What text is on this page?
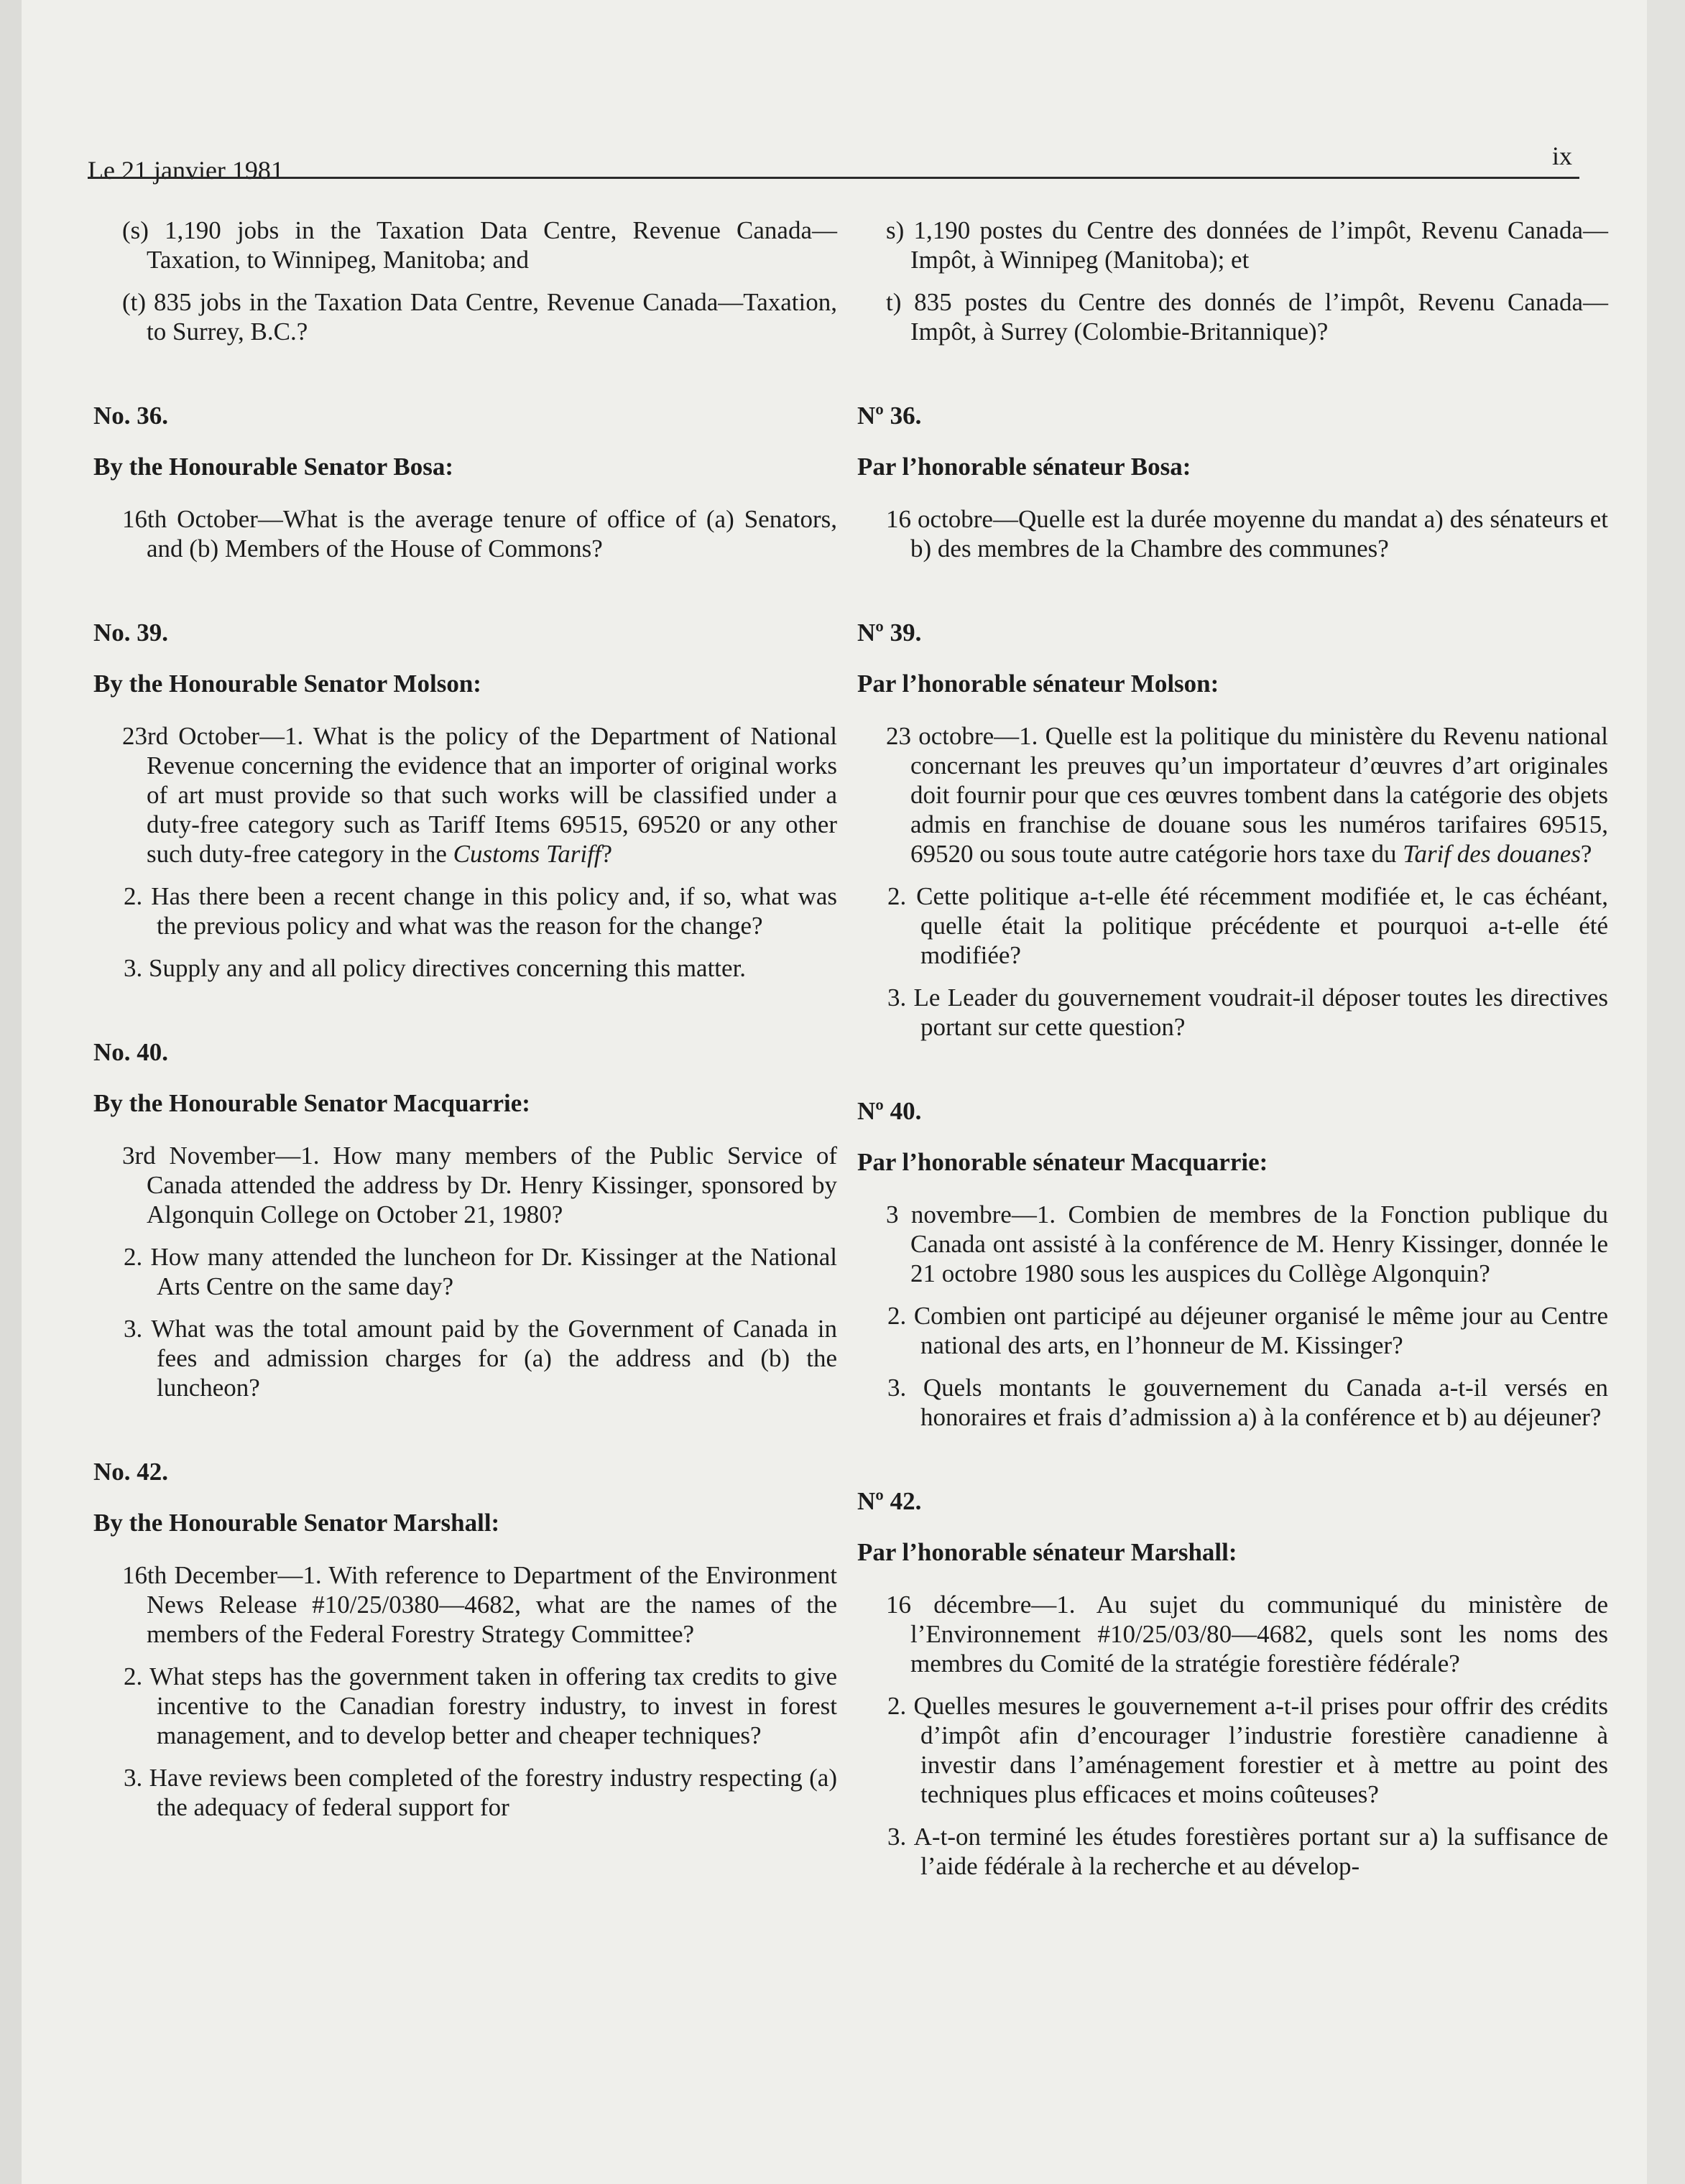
Le 21 janvier 1981	ix

(s) 1,190 jobs in the Taxation Data Centre, Revenue Canada—Taxation, to Winnipeg, Manitoba; and

(t) 835 jobs in the Taxation Data Centre, Revenue Canada—Taxation, to Surrey, B.C.?

No. 36.
By the Honourable Senator Bosa:

16th October—What is the average tenure of office of (a) Senators, and (b) Members of the House of Commons?

No. 39.
By the Honourable Senator Molson:

23rd October—1. What is the policy of the Department of National Revenue concerning the evidence that an importer of original works of art must provide so that such works will be classified under a duty-free category such as Tariff Items 69515, 69520 or any other such duty-free category in the Customs Tariff?

2. Has there been a recent change in this policy and, if so, what was the previous policy and what was the reason for the change?

3. Supply any and all policy directives concerning this matter.

No. 40.
By the Honourable Senator Macquarrie:

3rd November—1. How many members of the Public Service of Canada attended the address by Dr. Henry Kissinger, sponsored by Algonquin College on October 21, 1980?

2. How many attended the luncheon for Dr. Kissinger at the National Arts Centre on the same day?

3. What was the total amount paid by the Government of Canada in fees and admission charges for (a) the address and (b) the luncheon?

No. 42.
By the Honourable Senator Marshall:

16th December—1. With reference to Department of the Environment News Release #10/25/0380—4682, what are the names of the members of the Federal Forestry Strategy Committee?

2. What steps has the government taken in offering tax credits to give incentive to the Canadian forestry industry, to invest in forest management, and to develop better and cheaper techniques?

3. Have reviews been completed of the forestry industry respecting (a) the adequacy of federal support for

s) 1,190 postes du Centre des données de l’impôt, Revenu Canada—Impôt, à Winnipeg (Manitoba); et

t) 835 postes du Centre des donnés de l’impôt, Revenu Canada—Impôt, à Surrey (Colombie-Britannique)?

Nº 36.
Par l’honorable sénateur Bosa:

16 octobre—Quelle est la durée moyenne du mandat a) des sénateurs et b) des membres de la Chambre des communes?

Nº 39.
Par l’honorable sénateur Molson:

23 octobre—1. Quelle est la politique du ministère du Revenu national concernant les preuves qu’un importateur d’œuvres d’art originales doit fournir pour que ces œuvres tombent dans la catégorie des objets admis en franchise de douane sous les numéros tarifaires 69515, 69520 ou sous toute autre catégorie hors taxe du Tarif des douanes?

2. Cette politique a-t-elle été récemment modifiée et, le cas échéant, quelle était la politique précédente et pourquoi a-t-elle été modifiée?

3. Le Leader du gouvernement voudrait-il déposer toutes les directives portant sur cette question?

Nº 40.
Par l’honorable sénateur Macquarrie:

3 novembre—1. Combien de membres de la Fonction publique du Canada ont assisté à la conférence de M. Henry Kissinger, donnée le 21 octobre 1980 sous les auspices du Collège Algonquin?

2. Combien ont participé au déjeuner organisé le même jour au Centre national des arts, en l’honneur de M. Kissinger?

3. Quels montants le gouvernement du Canada a-t-il versés en honoraires et frais d’admission a) à la conférence et b) au déjeuner?

Nº 42.
Par l’honorable sénateur Marshall:

16 décembre—1. Au sujet du communiqué du ministère de l’Environnement #10/25/03/80—4682, quels sont les noms des membres du Comité de la stratégie forestière fédérale?

2. Quelles mesures le gouvernement a-t-il prises pour offrir des crédits d’impôt afin d’encourager l’industrie forestière canadienne à investir dans l’aménagement forestier et à mettre au point des techniques plus efficaces et moins coûteuses?

3. A-t-on terminé les études forestières portant sur a) la suffisance de l’aide fédérale à la recherche et au dévelop-
